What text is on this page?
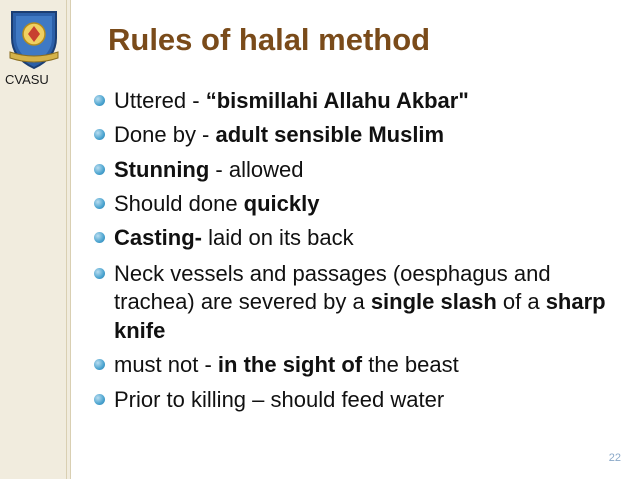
CVASU
Rules of halal method
Uttered - “bismillahi Allahu Akbar"
Done by - adult sensible Muslim
Stunning - allowed
Should done quickly
Casting- laid on its back
Neck vessels and passages (oesphagus and trachea) are severed by a single slash of a sharp knife
must not - in the sight of the beast
Prior to killing – should feed water
22
